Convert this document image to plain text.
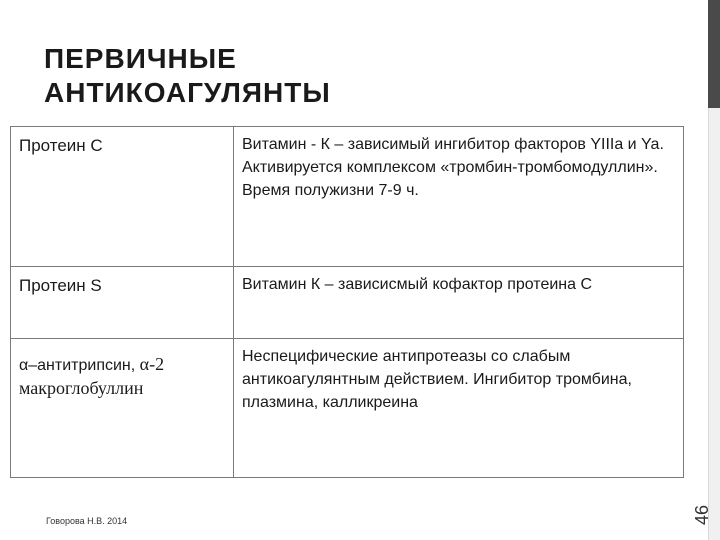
ПЕРВИЧНЫЕ
АНТИКОАГУЛЯНТЫ
Протеин С	Витамин - К – зависимый ингибитор факторов YIIIa и Ya. Активируется комплексом «тромбин-тромбомодуллин». Время полужизни 7-9 ч.

Протеин S	Витамин К – зависисмый кофактор протеина С

α–антитрипсин, α-2 макроглобуллин	Неспецифические антипротеазы со слабым антикоагулянтным действием. Ингибитор тромбина, плазмина, калликреина
Говорова Н.В. 2014	46
